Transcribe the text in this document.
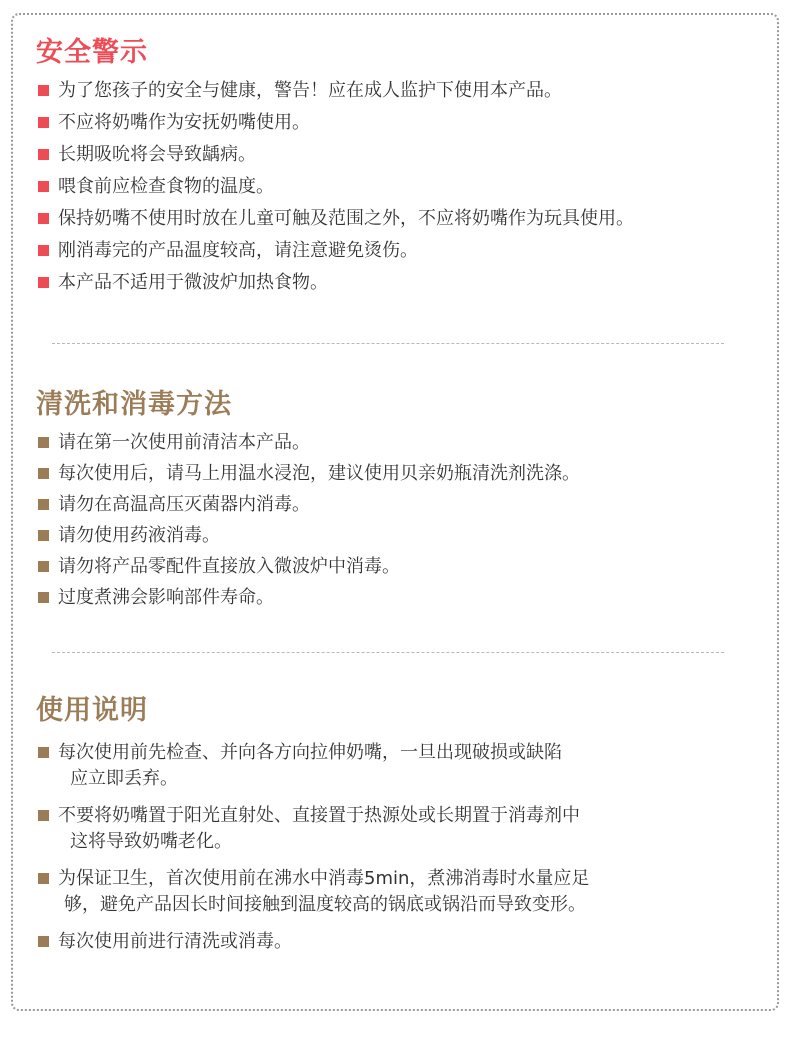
安全警示
为了您孩子的安全与健康，警告！应在成人监护下使用本产品。
不应将奶嘴作为安抚奶嘴使用。
长期吸吮将会导致龋病。
喂食前应检查食物的温度。
保持奶嘴不使用时放在儿童可触及范围之外，不应将奶嘴作为玩具使用。
刚消毒完的产品温度较高，请注意避免烫伤。
本产品不适用于微波炉加热食物。
清洗和消毒方法
请在第一次使用前清洁本产品。
每次使用后，请马上用温水浸泡，建议使用贝亲奶瓶清洗剂洗涤。
请勿在高温高压灭菌器内消毒。
请勿使用药液消毒。
请勿将产品零配件直接放入微波炉中消毒。
过度煮沸会影响部件寿命。
使用说明
每次使用前先检查、并向各方向拉伸奶嘴，一旦出现破损或缺陷
应立即丢弃。
不要将奶嘴置于阳光直射处、直接置于热源处或长期置于消毒剂中
这将导致奶嘴老化。
为保证卫生，首次使用前在沸水中消毒5min，煮沸消毒时水量应足
够，避免产品因长时间接触到温度较高的锅底或锅沿而导致变形。
每次使用前进行清洗或消毒。
